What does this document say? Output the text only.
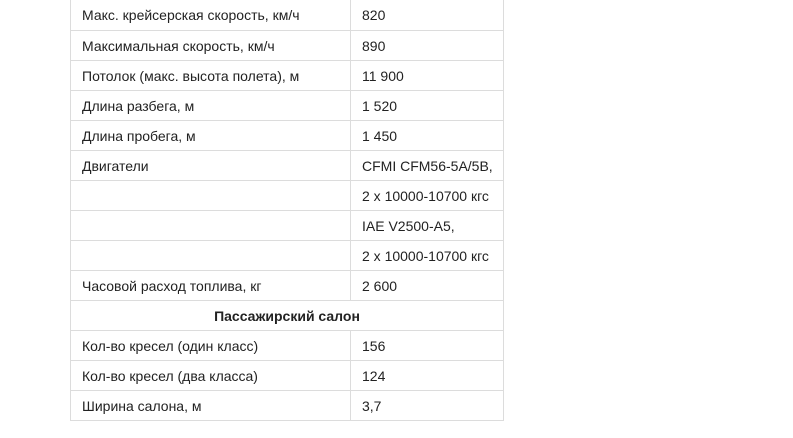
Макс. крейсерская скорость, км/ч	820
Максимальная скорость, км/ч	890
Потолок (макс. высота полета), м	11 900
Длина разбега, м	1 520
Длина пробега, м	1 450
Двигатели	CFMI CFM56-5A/5B,
	2 x 10000-10700 кгс
	IAE V2500-A5,
	2 x 10000-10700 кгс
Часовой расход топлива, кг	2 600
Пассажирский салон	
Кол-во кресел (один класс)	156
Кол-во кресел (два класса)	124
Ширина салона, м	3,7
